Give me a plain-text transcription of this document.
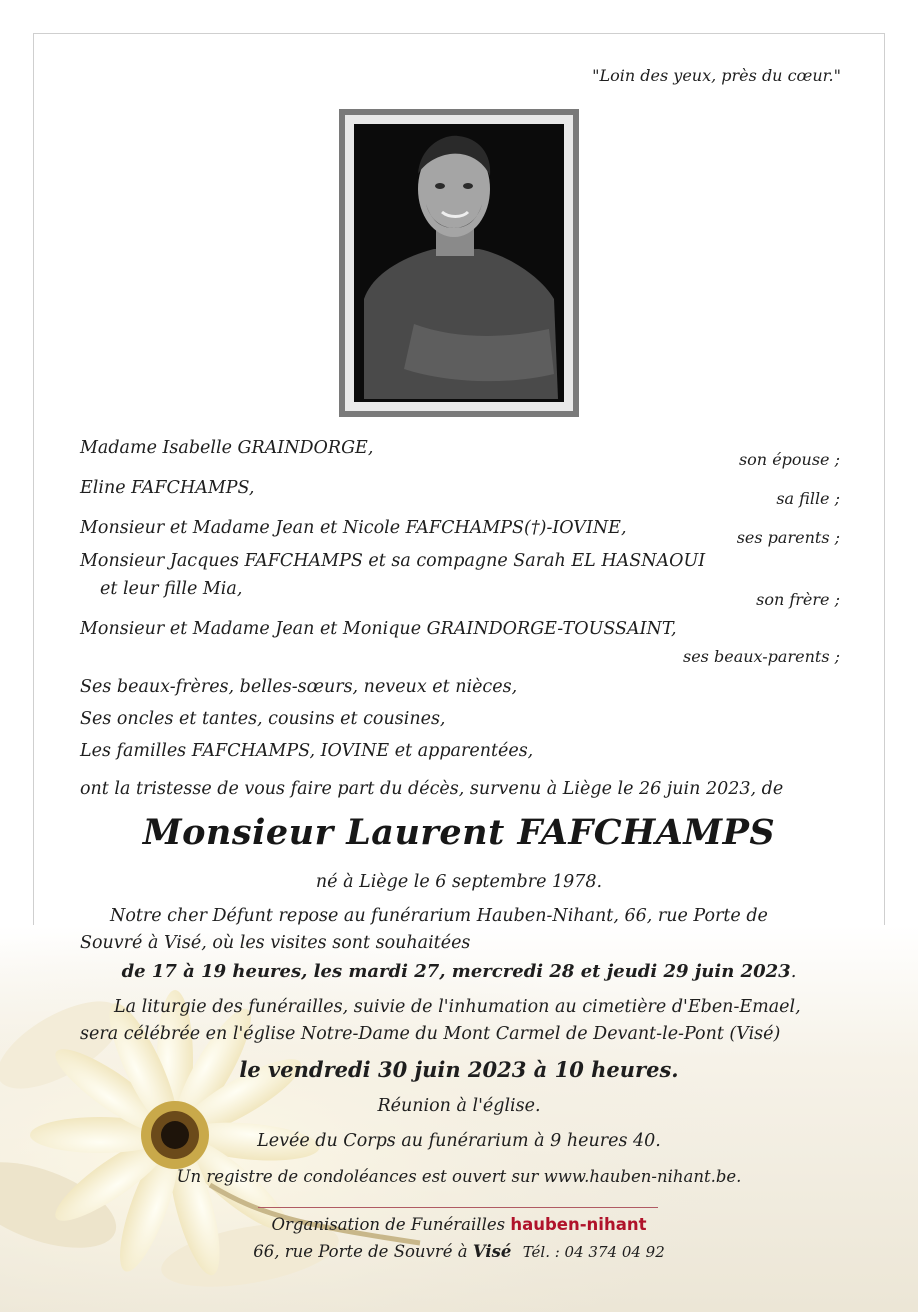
"Loin des yeux, près du cœur."
Madame Isabelle GRAINDORGE,
son épouse ;
Eline FAFCHAMPS,
sa fille ;
Monsieur et Madame Jean et Nicole FAFCHAMPS(†)-IOVINE,	ses parents ;
Monsieur Jacques FAFCHAMPS et sa compagne Sarah EL HASNAOUI
et leur fille Mia,
son frère ;
Monsieur et Madame Jean et Monique GRAINDORGE-TOUSSAINT,
ses beaux-parents ;
Ses beaux-frères, belles-sœurs, neveux et nièces,
Ses oncles et tantes, cousins et cousines,
Les familles FAFCHAMPS, IOVINE et apparentées,
ont la tristesse de vous faire part du décès, survenu à Liège le 26 juin 2023, de
Monsieur Laurent FAFCHAMPS
né à Liège le 6 septembre 1978.
Notre cher Défunt repose au funérarium Hauben-Nihant, 66, rue Porte de
Souvré à Visé, où les visites sont souhaitées
de 17 à 19 heures, les mardi 27, mercredi 28 et jeudi 29 juin 2023.
La liturgie des funérailles, suivie de l'inhumation au cimetière d'Eben-Emael,
sera célébrée en l'église Notre-Dame du Mont Carmel de Devant-le-Pont (Visé)
le vendredi 30 juin 2023 à 10 heures.
Réunion à l'église.
Levée du Corps au funérarium à 9 heures 40.
Un registre de condoléances est ouvert sur www.hauben-nihant.be.
Organisation de Funérailles hauben-nihant
66, rue Porte de Souvré à Visé Tél. : 04 374 04 92
